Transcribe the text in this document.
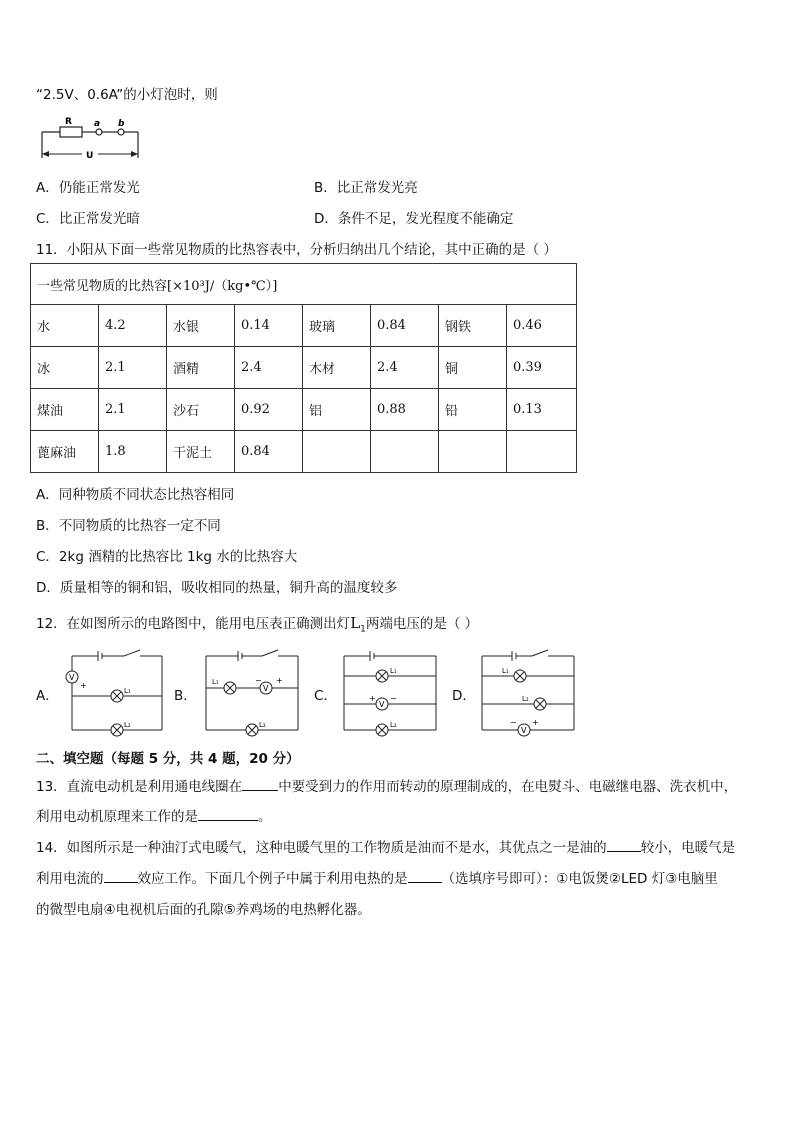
“2.5V、0.6A”的小灯泡时，则
R a b
U
A．仍能正常发光	B．比正常发光亮
C．比正常发光暗	D．条件不足，发光程度不能确定
11．小阳从下面一些常见物质的比热容表中，分析归纳出几个结论，其中正确的是（ ）
一些常见物质的比热容[×10³J/（kg•℃）]							
水	4.2	水银	0.14	玻璃	0.84	钢铁	0.46
冰	2.1	酒精	2.4	木材	2.4	铜	0.39
煤油	2.1	沙石	0.92	铝	0.88	铅	0.13
蓖麻油	1.8	干泥土	0.84				
A．同种物质不同状态比热容相同
B．不同物质的比热容一定不同
C．2kg 酒精的比热容比 1kg 水的比热容大
D．质量相等的铜和铝，吸收相同的热量，铜升高的温度较多
12．在如图所示的电路图中，能用电压表正确测出灯$L_1$两端电压的是（ ）
A．
V
+
L₁
L₂
B．
L₁
V
− +
L₂
C．
L₁
V
+ −
L₂
D．
L₁
L₂
V
− +
二、填空题（每题 5 分，共 4 题，20 分）
13．直流电动机是利用通电线圈在	中要受到力的作用而转动的原理制成的，在电熨斗、电磁继电器、洗衣机中，
利用电动机原理来工作的是	。
14．如图所示是一种油汀式电暖气，这种电暖气里的工作物质是油而不是水，其优点之一是油的	较小，电暖气是
利用电流的	效应工作。下面几个例子中属于利用电热的是	（选填序号即可）：①电饭煲②LED 灯③电脑里
的微型电扇④电视机后面的孔隙⑤养鸡场的电热孵化器。
